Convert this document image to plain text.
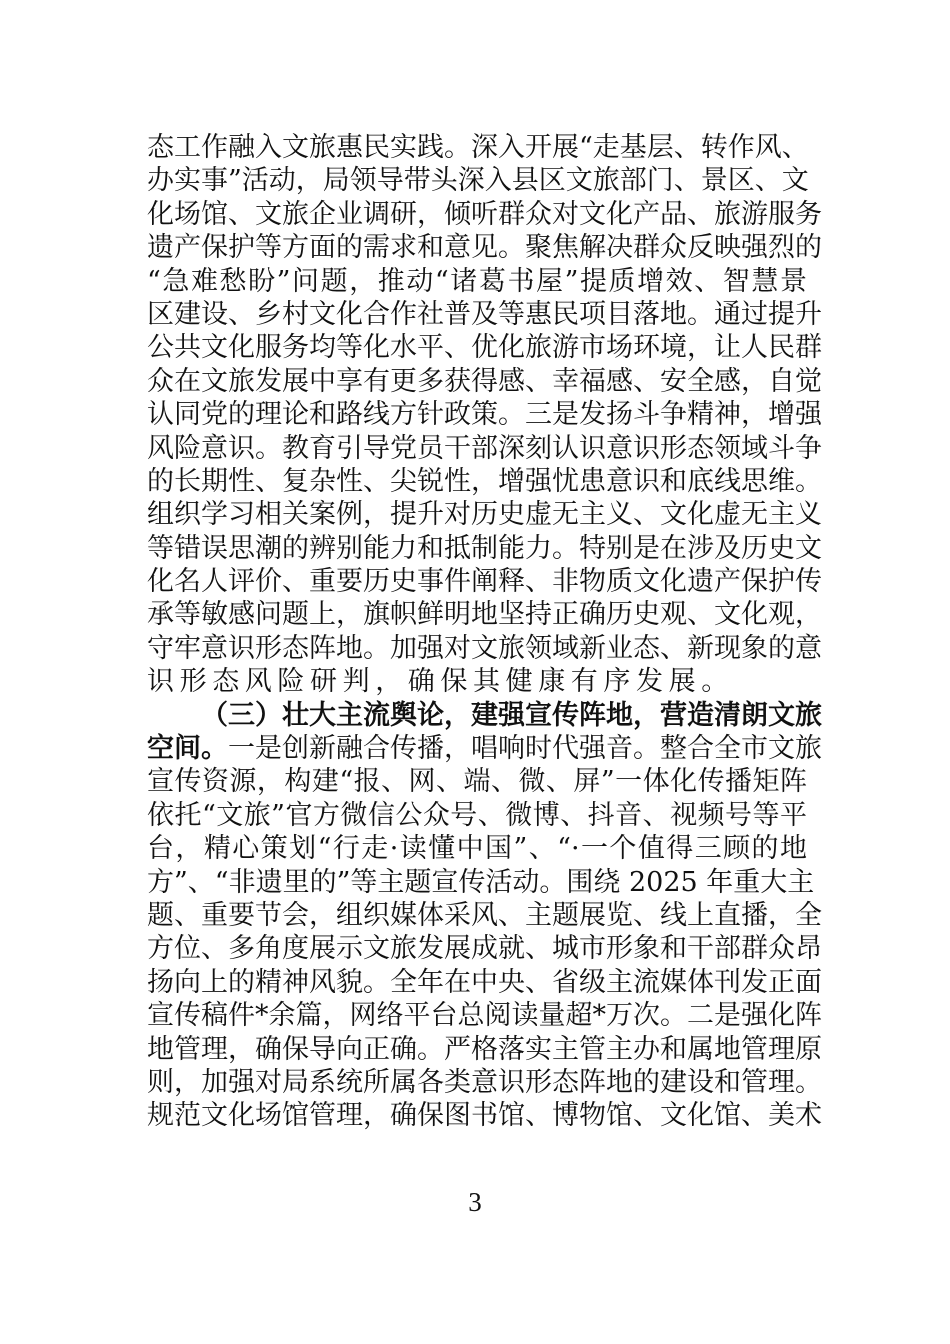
态工作融入文旅惠民实践。深入开展“走基层、转作风、
办实事”活动，局领导带头深入县区文旅部门、景区、文
化场馆、文旅企业调研，倾听群众对文化产品、旅游服务
遗产保护等方面的需求和意见。聚焦解决群众反映强烈的
“急难愁盼”问题，推动“诸葛书屋”提质增效、智慧景
区建设、乡村文化合作社普及等惠民项目落地。通过提升
公共文化服务均等化水平、优化旅游市场环境，让人民群
众在文旅发展中享有更多获得感、幸福感、安全感，自觉
认同党的理论和路线方针政策。三是发扬斗争精神，增强
风险意识。教育引导党员干部深刻认识意识形态领域斗争
的长期性、复杂性、尖锐性，增强忧患意识和底线思维。
组织学习相关案例，提升对历史虚无主义、文化虚无主义
等错误思潮的辨别能力和抵制能力。特别是在涉及历史文
化名人评价、重要历史事件阐释、非物质文化遗产保护传
承等敏感问题上，旗帜鲜明地坚持正确历史观、文化观，
守牢意识形态阵地。加强对文旅领域新业态、新现象的意
识形态风险研判，确保其健康有序发展。
（三）壮大主流舆论，建强宣传阵地，营造清朗文旅
空间。一是创新融合传播，唱响时代强音。整合全市文旅
宣传资源，构建“报、网、端、微、屏”一体化传播矩阵
依托“文旅”官方微信公众号、微博、抖音、视频号等平
台，精心策划“行走·读懂中国”、“·一个值得三顾的地
方”、“非遗里的”等主题宣传活动。围绕 2025 年重大主
题、重要节会，组织媒体采风、主题展览、线上直播，全
方位、多角度展示文旅发展成就、城市形象和干部群众昂
扬向上的精神风貌。全年在中央、省级主流媒体刊发正面
宣传稿件*余篇，网络平台总阅读量超*万次。二是强化阵
地管理，确保导向正确。严格落实主管主办和属地管理原
则，加强对局系统所属各类意识形态阵地的建设和管理。
规范文化场馆管理，确保图书馆、博物馆、文化馆、美术
3
